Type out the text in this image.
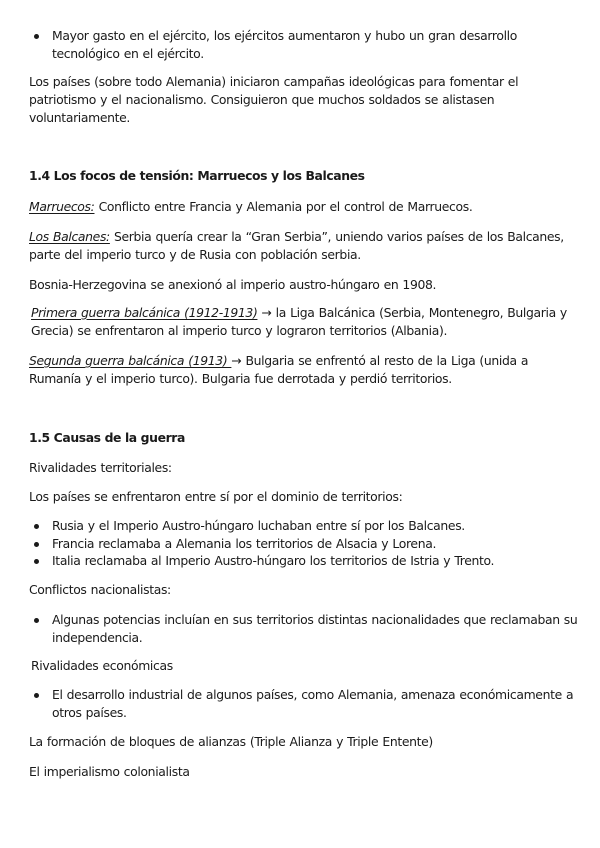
Mayor gasto en el ejército, los ejércitos aumentaron y hubo un gran desarrollo tecnológico en el ejército.

Los países (sobre todo Alemania) iniciaron campañas ideológicas para fomentar el patriotismo y el nacionalismo. Consiguieron que muchos soldados se alistasen voluntariamente.

1.4 Los focos de tensión: Marruecos y los Balcanes

Marruecos: Conflicto entre Francia y Alemania por el control de Marruecos.

Los Balcanes: Serbia quería crear la “Gran Serbia”, uniendo varios países de los Balcanes, parte del imperio turco y de Rusia con población serbia.

Bosnia-Herzegovina se anexionó al imperio austro-húngaro en 1908.

Primera guerra balcánica (1912-1913) → la Liga Balcánica (Serbia, Montenegro, Bulgaria y Grecia) se enfrentaron al imperio turco y lograron territorios (Albania).

Segunda guerra balcánica (1913) → Bulgaria se enfrentó al resto de la Liga (unida a Rumanía y el imperio turco). Bulgaria fue derrotada y perdió territorios.

1.5 Causas de la guerra

Rivalidades territoriales:

Los países se enfrentaron entre sí por el dominio de territorios:

Rusia y el Imperio Austro-húngaro luchaban entre sí por los Balcanes.
Francia reclamaba a Alemania los territorios de Alsacia y Lorena.
Italia reclamaba al Imperio Austro-húngaro los territorios de Istria y Trento.

Conflictos nacionalistas:

Algunas potencias incluían en sus territorios distintas nacionalidades que reclamaban su independencia.

Rivalidades económicas

El desarrollo industrial de algunos países, como Alemania, amenaza económicamente a otros países.

La formación de bloques de alianzas (Triple Alianza y Triple Entente)

El imperialismo colonialista
